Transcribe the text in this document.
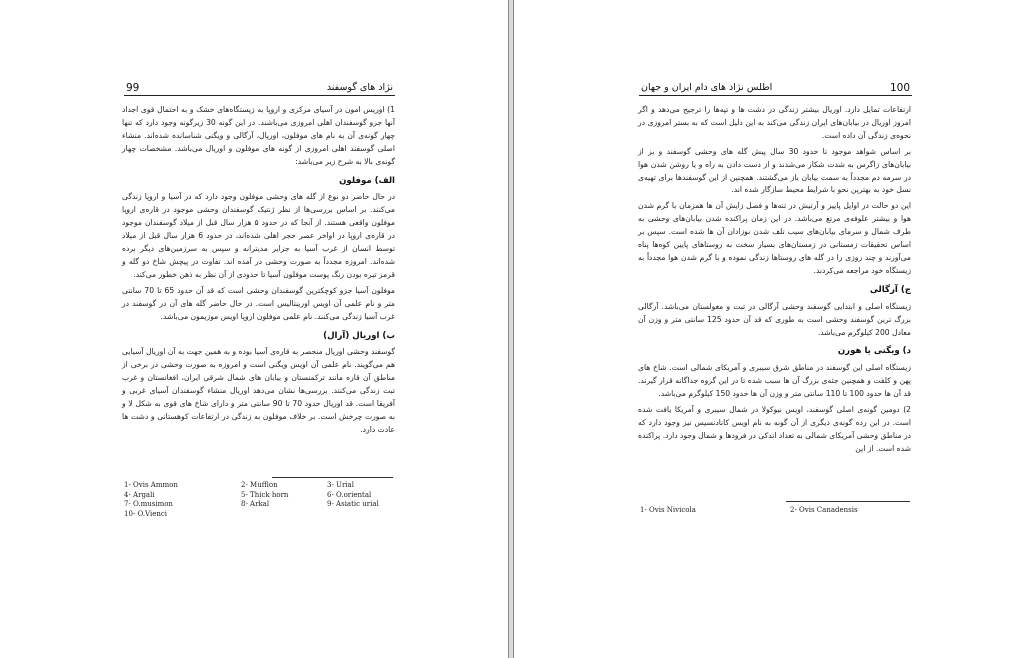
99	نژاد های گوسفند

1) اوریس امون در آسیای مرکزی و اروپا به زیستگاه‌های خشک و به احتمال قوی اجداد آنها جزو گوسفندان اهلی امروزی می‌باشند. در این گونه 30 زیرگونه وجود دارد که تنها چهار گونه‌ی آن به نام های موفلون، اوریال، آرگالی و ویگنی شناسانده شده‌اند. منشاء اصلی گوسفند اهلی امروزی از گونه های موفلون و اوریال می‌باشد. مشخصات چهار گونه‌ی بالا به شرح زیر می‌باشد:

الف) موفلون

در حال حاضر دو نوع از گله های وحشی موفلون وجود دارد که در آسیا و اروپا زندگی می‌کنند. بر اساس بررسی‌ها از نظر ژنتیک گوسفندان وحشی موجود در قاره‌ی اروپا موفلون واقعی هستند. از آنجا که در حدود ۵ هزار سال قبل از میلاد گوسفندان موجود در قاره‌ی اروپا در اواخر عصر حجر اهلی شده‌اند، در حدود 6 هزار سال قبل از میلاد توسط انسان از غرب آسیا به جزایر مدیترانه و سپس به سرزمین‌های دیگر برده شده‌اند. امروزه مجدداً به صورت وحشی در آمده اند. تفاوت در پیچش شاخ دو گله و قرمز تیره بودن رنگ پوست موفلون آسیا تا حدودی از آن نظر به ذهن خطور می‌کند.

موفلون آسیا جزو کوچکترین گوسفندان وحشی است که قد آن حدود 65 تا 70 سانتی متر و نام علمی آن اویس اورینتالیس است. در حال حاضر گله های آن در گوسفند در غرب آسیا زندگی می‌کنند. نام علمی موفلون اروپا اویس موزیمون می‌باشد.

ب) اوریال (آرال)

گوسفند وحشی اوریال منحصر به قاره‌ی آسیا بوده و به همین جهت به آن اوریال آسیایی هم می‌گویند. نام علمی آن اویس ویگنی است و امروزه به صورت وحشی در برخی از مناطق آن قاره مانند ترکمنستان و بیابان های شمال شرقی ایران، افغانستان و غرب تبت زندگی می‌کنند. بررسی‌ها نشان می‌دهد اوریال منشاء گوسفندان آسیای غربی و آفریقا است. قد اوریال حدود 70 تا 90 سانتی متر و دارای شاخ های قوی به شکل لا و به صورت چرخش است. بر خلاف موفلون به زندگی در ارتفاعات کوهستانی و دشت ها عادت دارد.

1- Ovis Ammon	2- Mufflon	3- Urial
4- Argali	5- Thick horn	6- O.oriental
7- O.musimon	8- Arkal	9- Asiatic urial
10- O.Vienci
اطلس نژاد های دام ایران و جهان	100

ارتفاعات تمایل دارد. اوریال بیشتر زندگی در دشت ها و تپه‌ها را ترجیح می‌دهد و اگر امروز اوریال در بیابان‌های ایران زندگی می‌کند به این دلیل است که به بستر امروزی در نحوه‌ی زندگی آن داده است.

بر اساس شواهد موجود تا حدود 30 سال پیش گله های وحشی گوسفند و بز از بیابان‌های زاگرس به شدت شکار می‌شدند و از دست دادن به راه و یا روشن شدن هوا در سرمه دم مجدداً به سمت بیابان باز می‌گشتند. همچنین از این گوسفندها برای تهیه‌ی نسل خود به بهترین نحو با شرایط محیط سازگار شده اند.

این دو حالت در اوایل پاییز و آرتیش در تنه‌ها و فصل زایش آن ها همزمان با گرم شدن هوا و بیشتر علوفه‌ی مرتع می‌باشد. در این زمان پراکنده شدن بیابان‌های وحشی به طرف شمال و سرمای بیابان‌های سیب تلف شدن نوزادان آن ها شده است. سپس بر اساس تحقیقات زمستانی در زمستان‌های بسیار سخت به روستاهای پایین کوه‌ها پناه می‌آورند و چند روزی را در گله های روستاها زندگی نموده و با گرم شدن هوا مجدداً به زیستگاه خود مراجعه می‌کردند.

ج) آرگالی

زیستگاه اصلی و ابتدایی گوسفند وحشی آرگالی در تبت و مغولستان می‌باشد. آرگالی بزرگ ترین گوسفند وحشی است به طوری که قد آن حدود 125 سانتی متر و وزن آن معادل 200 کیلوگرم می‌باشد.

د) ویگنی یا هورن

زیستگاه اصلی این گوسفند در مناطق شرق سیبری و آمریکای شمالی است. شاخ های پهن و کلفت و همچنین جثه‌ی بزرگ آن ها سبب شده تا در این گروه جداگانه قرار گیرند. قد آن ها حدود 100 تا 110 سانتی متر و وزن آن ها حدود 150 کیلوگرم می‌باشد.

2) دومین گونه‌ی اصلی گوسفند، اویس نیوکولا در شمال سیبری و آمریکا یافت شده است. در این رده گونه‌ی دیگری از آن گونه به نام اویس کانادنسیس نیز وجود دارد که در مناطق وحشی آمریکای شمالی به تعداد اندکی در فرودها و شمال وجود دارد. پراکنده شده است. از این

1- Ovis Nivicola	2- Ovis Canadensis
